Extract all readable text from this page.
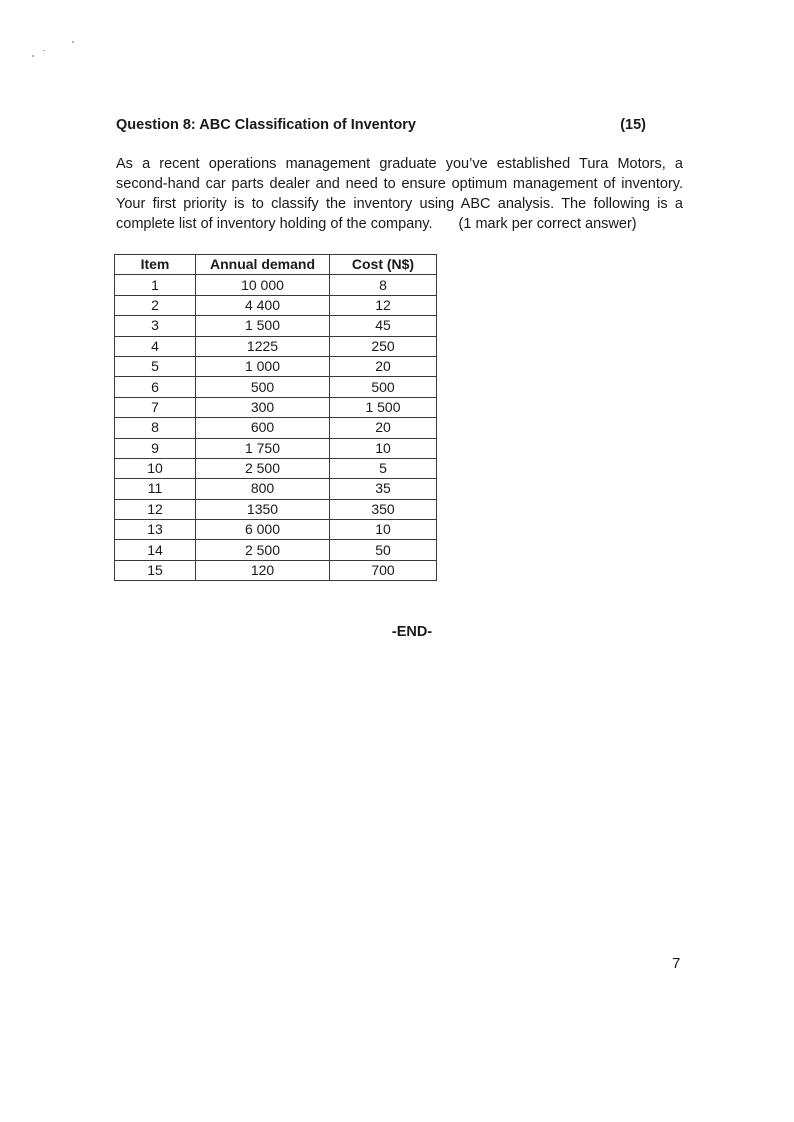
Question 8: ABC Classification of Inventory	(15)
As a recent operations management graduate you’ve established Tura Motors, a second-hand car parts dealer and need to ensure optimum management of inventory. Your first priority is to classify the inventory using ABC analysis. The following is a complete list of inventory holding of the company. (1 mark per correct answer)
Item	Annual demand	Cost (N$)
1	10 000	8
2	4 400	12
3	1 500	45
4	1225	250
5	1 000	20
6	500	500
7	300	1 500
8	600	20
9	1 750	10
10	2 500	5
11	800	35
12	1350	350
13	6 000	10
14	2 500	50
15	120	700
-END-
7
